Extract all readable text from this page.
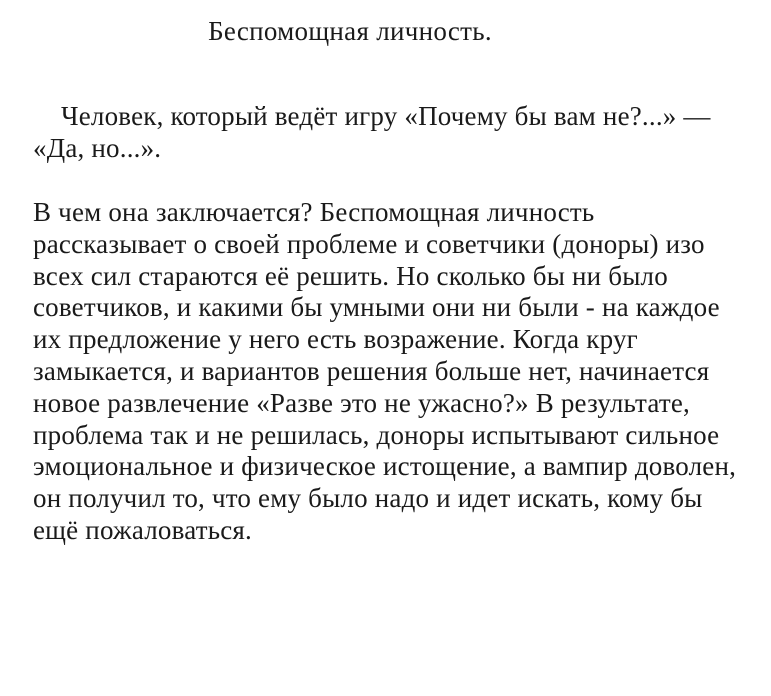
Беспомощная личность.

Человек, который ведёт игру «Почему бы вам не?...» — «Да, но...».

В чем она заключается? Беспомощная личность рассказывает о своей проблеме и советчики (доноры) изо всех сил стараются её решить. Но сколько бы ни было советчиков, и какими бы умными они ни были - на каждое их предложение у него есть возражение. Когда круг замыкается, и вариантов решения больше нет, начинается новое развлечение «Разве это не ужасно?» В результате, проблема так и не решилась, доноры испытывают сильное эмоциональное и физическое истощение, а вампир доволен, он получил то, что ему было надо и идет искать, кому бы ещё пожаловаться.
